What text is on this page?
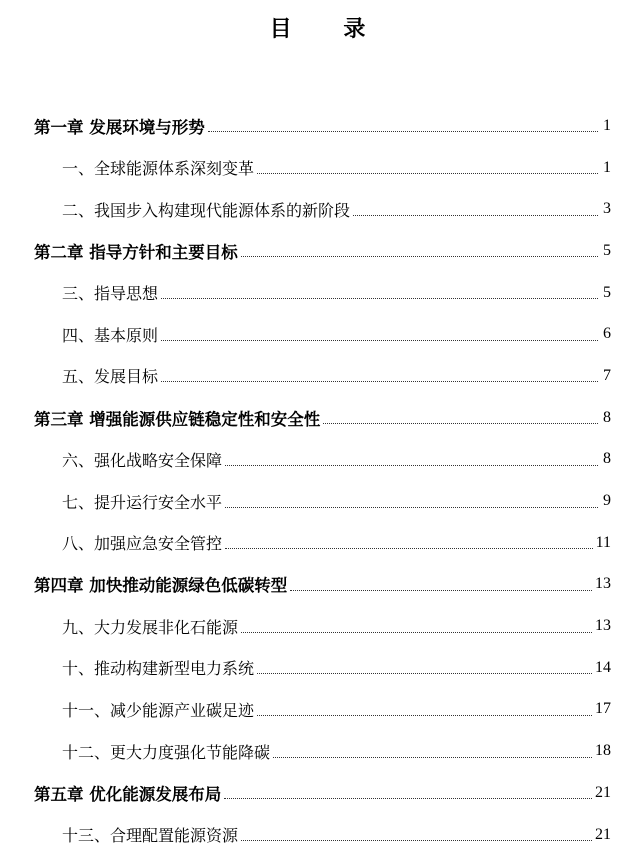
目 录
第一章 发展环境与形势	1
一、全球能源体系深刻变革	1
二、我国步入构建现代能源体系的新阶段	3
第二章 指导方针和主要目标	5
三、指导思想	5
四、基本原则	6
五、发展目标	7
第三章 增强能源供应链稳定性和安全性	8
六、强化战略安全保障	8
七、提升运行安全水平	9
八、加强应急安全管控	11
第四章 加快推动能源绿色低碳转型	13
九、大力发展非化石能源	13
十、推动构建新型电力系统	14
十一、减少能源产业碳足迹	17
十二、更大力度强化节能降碳	18
第五章 优化能源发展布局	21
十三、合理配置能源资源	21
